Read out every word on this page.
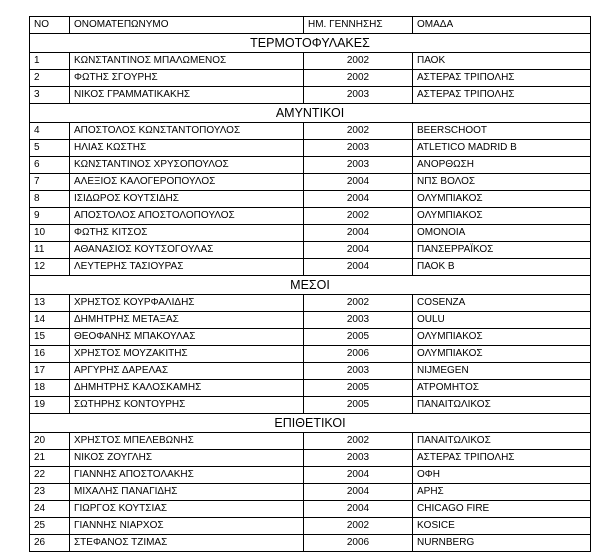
ΝΟ	ΟΝΟΜΑΤΕΠΩΝΥΜΟ	ΗΜ. ΓΕΝΝΗΣΗΣ	ΟΜΑΔΑ
ΤΕΡΜΟΤΟΦΥΛΑΚΕΣ			
1	ΚΩΝΣΤΑΝΤΙΝΟΣ ΜΠΑΛΩΜΕΝΟΣ	2002	ΠΑΟΚ
2	ΦΩΤΗΣ ΣΓΟΥΡΗΣ	2002	ΑΣΤΕΡΑΣ ΤΡΙΠΟΛΗΣ
3	ΝΙΚΟΣ ΓΡΑΜΜΑΤΙΚΑΚΗΣ	2003	ΑΣΤΕΡΑΣ ΤΡΙΠΟΛΗΣ
ΑΜΥΝΤΙΚΟΙ			
4	ΑΠΟΣΤΟΛΟΣ ΚΩΝΣΤΑΝΤΟΠΟΥΛΟΣ	2002	BEERSCHOOT
5	ΗΛΙΑΣ ΚΩΣΤΗΣ	2003	ATLETICO MADRID B
6	ΚΩΝΣΤΑΝΤΙΝΟΣ ΧΡΥΣΟΠΟΥΛΟΣ	2003	ΑΝΟΡΘΩΣΗ
7	ΑΛΕΞΙΟΣ ΚΑΛΟΓΕΡΟΠΟΥΛΟΣ	2004	ΝΠΣ ΒΟΛΟΣ
8	ΙΣΙΔΩΡΟΣ ΚΟΥΤΣΙΔΗΣ	2004	ΟΛΥΜΠΙΑΚΟΣ
9	ΑΠΟΣΤΟΛΟΣ ΑΠΟΣΤΟΛΟΠΟΥΛΟΣ	2002	ΟΛΥΜΠΙΑΚΟΣ
10	ΦΩΤΗΣ ΚΙΤΣΟΣ	2004	ΟΜΟΝΟΙΑ
11	ΑΘΑΝΑΣΙΟΣ ΚΟΥΤΣΟΓΟΥΛΑΣ	2004	ΠΑΝΣΕΡΡΑΪΚΟΣ
12	ΛΕΥΤΕΡΗΣ ΤΑΣΙΟΥΡΑΣ	2004	ΠΑΟΚ Β
ΜΕΣΟΙ			
13	ΧΡΗΣΤΟΣ ΚΟΥΡΦΑΛΙΔΗΣ	2002	COSENZA
14	ΔΗΜΗΤΡΗΣ ΜΕΤΑΞΑΣ	2003	OULU
15	ΘΕΟΦΑΝΗΣ ΜΠΑΚΟΥΛΑΣ	2005	ΟΛΥΜΠΙΑΚΟΣ
16	ΧΡΗΣΤΟΣ ΜΟΥΖΑΚΙΤΗΣ	2006	ΟΛΥΜΠΙΑΚΟΣ
17	ΑΡΓΥΡΗΣ ΔΑΡΕΛΑΣ	2003	NIJMEGEN
18	ΔΗΜΗΤΡΗΣ ΚΑΛΟΣΚΑΜΗΣ	2005	ΑΤΡΟΜΗΤΟΣ
19	ΣΩΤΗΡΗΣ ΚΟΝΤΟΥΡΗΣ	2005	ΠΑΝΑΙΤΩΛΙΚΟΣ
ΕΠΙΘΕΤΙΚΟΙ			
20	ΧΡΗΣΤΟΣ ΜΠΕΛΕΒΩΝΗΣ	2002	ΠΑΝΑΙΤΩΛΙΚΟΣ
21	ΝΙΚΟΣ ΖΟΥΓΛΗΣ	2003	ΑΣΤΕΡΑΣ ΤΡΙΠΟΛΗΣ
22	ΓΙΑΝΝΗΣ ΑΠΟΣΤΟΛΑΚΗΣ	2004	ΟΦΗ
23	ΜΙΧΑΛΗΣ ΠΑΝΑΓΙΔΗΣ	2004	ΑΡΗΣ
24	ΓΙΩΡΓΟΣ ΚΟΥΤΣΙΑΣ	2004	CHICAGO FIRE
25	ΓΙΑΝΝΗΣ ΝΙΑΡΧΟΣ	2002	KOSICE
26	ΣΤΕΦΑΝΟΣ ΤΖΙΜΑΣ	2006	NURNBERG
